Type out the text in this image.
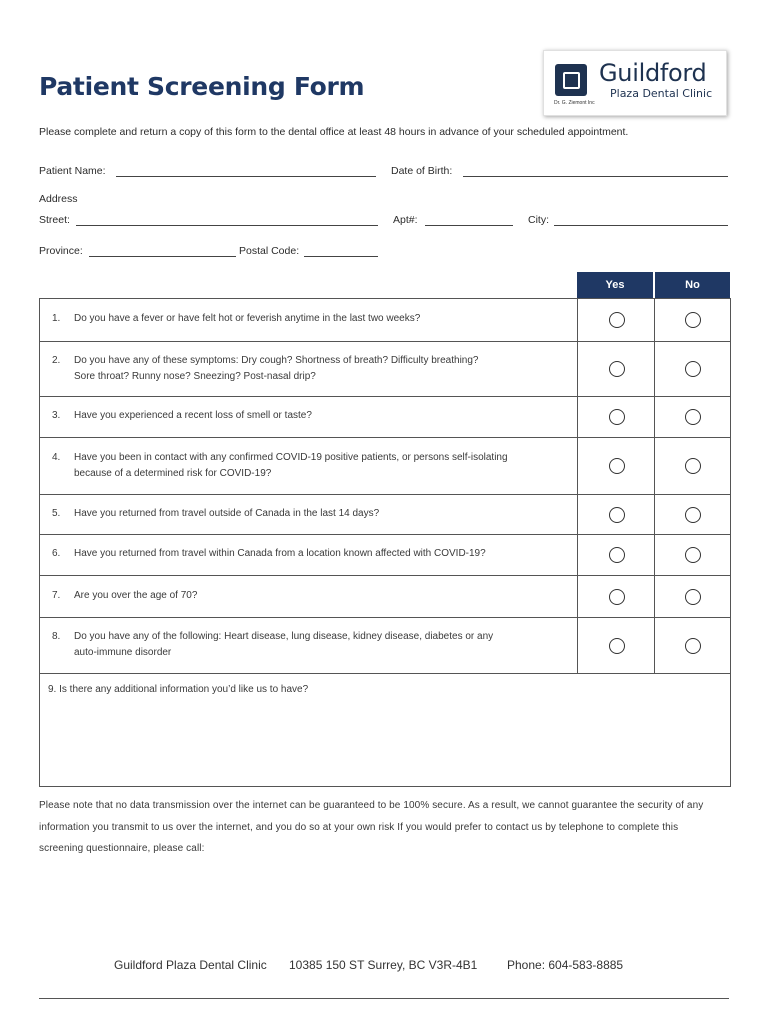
Patient Screening Form	Guildford
Plaza Dental Clinic
Dr. G. Ziemont Inc
Please complete and return a copy of this form to the dental office at least 48 hours in advance of your scheduled appointment.
Patient Name:	Date of Birth:
Address
Street:	Apt#:	City:
Province:	Postal Code:
Yes	No
1. Do you have a fever or have felt hot or feverish anytime in the last two weeks?
2. Do you have any of these symptoms: Dry cough? Shortness of breath? Difficulty breathing?
Sore throat? Runny nose? Sneezing? Post-nasal drip?
3. Have you experienced a recent loss of smell or taste?
4. Have you been in contact with any confirmed COVID-19 positive patients, or persons self-isolating
because of a determined risk for COVID-19?
5. Have you returned from travel outside of Canada in the last 14 days?
6. Have you returned from travel within Canada from a location known affected with COVID-19?
7. Are you over the age of 70?
8. Do you have any of the following: Heart disease, lung disease, kidney disease, diabetes or any
auto-immune disorder
9. Is there any additional information you’d like us to have?
Please note that no data transmission over the internet can be guaranteed to be 100% secure. As a result, we cannot guarantee the security of any information you transmit to us over the internet, and you do so at your own risk If you would prefer to contact us by telephone to complete this screening questionnaire, please call:
Guildford Plaza Dental Clinic 10385 150 ST Surrey, BC V3R-4B1 Phone: 604-583-8885
